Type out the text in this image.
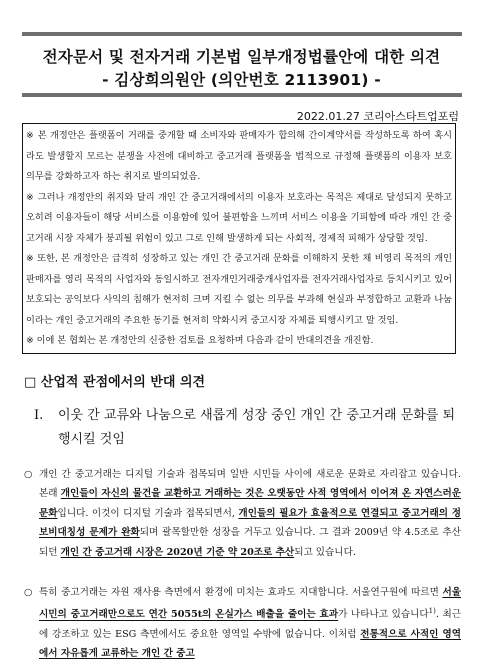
전자문서 및 전자거래 기본법 일부개정법률안에 대한 의견
- 김상희의원안 (의안번호 2113901) -
2022.01.27 코리아스타트업포럼

※ 본 개정안은 플랫폼이 거래를 중개할 때 소비자와 판매자가 합의해 간이계약서를 작성하도록 하여 혹시라도 발생할지 모르는 분쟁을 사전에 대비하고 중고거래 플랫폼을 법적으로 규정해 플랫폼의 이용자 보호 의무를 강화하고자 하는 취지로 발의되었음.

※ 그러나 개정안의 취지와 달리 개인 간 중고거래에서의 이용자 보호라는 목적은 제대로 달성되지 못하고 오히려 이용자들이 해당 서비스를 이용함에 있어 불편함을 느끼며 서비스 이용을 기피함에 따라 개인 간 중고거래 시장 자체가 붕괴될 위험이 있고 그로 인해 발생하게 되는 사회적, 경제적 피해가 상당할 것임.

※ 또한, 본 개정안은 급격히 성장하고 있는 개인 간 중고거래 문화를 이해하지 못한 채 비영리 목적의 개인판매자를 영리 목적의 사업자와 동일시하고 전자개인거래중개사업자를 전자거래사업자로 등치시키고 있어 보호되는 공익보다 사익의 침해가 현저히 크며 지킬 수 없는 의무를 부과해 현실과 부정합하고 교환과 나눔이라는 개인 중고거래의 주요한 동기를 현저히 약화시켜 중고시장 자체를 퇴행시키고 말 것임.

※ 이에 본 협회는 본 개정안의 신중한 검토를 요청하며 다음과 같이 반대의견을 개진함.

□ 산업적 관점에서의 반대 의견
Ⅰ. 이웃 간 교류와 나눔으로 새롭게 성장 중인 개인 간 중고거래 문화를 퇴행시킬 것임
○ 개인 간 중고거래는 디지털 기술과 접목되며 일반 시민들 사이에 새로운 문화로 자리잡고 있습니다. 본래 개인들이 자신의 물건을 교환하고 거래하는 것은 오랫동안 사적 영역에서 이어져 온 자연스러운 문화입니다. 이것이 디지털 기술과 접목되면서, 개인들의 필요가 효율적으로 연결되고 중고거래의 정보비대칭성 문제가 완화되며 괄목할만한 성장을 거두고 있습니다. 그 결과 2009년 약 4.5조로 추산되던 개인 간 중고거래 시장은 2020년 기준 약 20조로 추산되고 있습니다.
○ 특히 중고거래는 자원 재사용 측면에서 환경에 미치는 효과도 지대합니다. 서울연구원에 따르면 서울시민의 중고거래만으로도 연간 5055t의 온실가스 배출을 줄이는 효과가 나타나고 있습니다$^{1)}$. 최근에 강조하고 있는 ESG 측면에서도 중요한 영역일 수밖에 없습니다. 이처럼 전통적으로 사적인 영역에서 자유롭게 교류하는 개인 간 중고
